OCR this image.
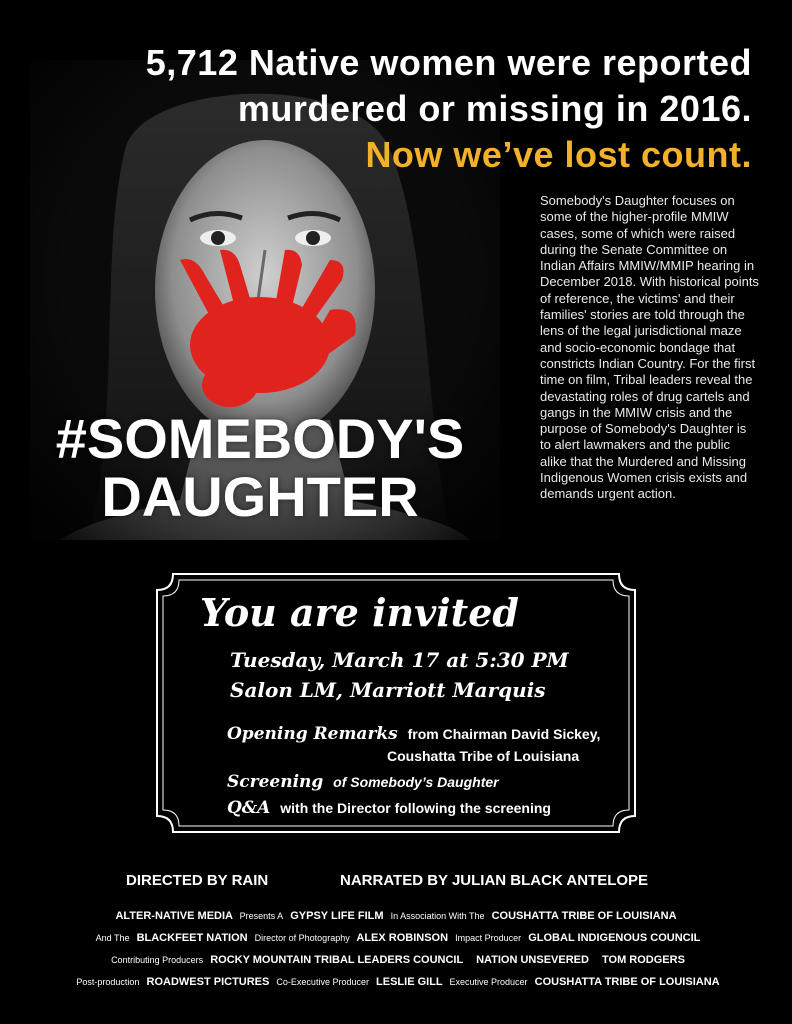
5,712 Native women were reported
murdered or missing in 2016.
Now we’ve lost count.
Somebody's Daughter focuses on some of the higher-profile MMIW cases, some of which were raised during the Senate Committee on Indian Affairs MMIW/MMIP hearing in December 2018. With historical points of reference, the victims' and their families' stories are told through the lens of the legal jurisdictional maze and socio-economic bondage that constricts Indian Country. For the first time on film, Tribal leaders reveal the devastating roles of drug cartels and gangs in the MMIW crisis and the purpose of Somebody's Daughter is to alert lawmakers and the public alike that the Murdered and Missing Indigenous Women crisis exists and demands urgent action.
#SOMEBODY'S
DAUGHTER
You are invited
Tuesday, March 17 at 5:30 PM
Salon LM, Marriott Marquis
Opening Remarks from Chairman David Sickey,
Coushatta Tribe of Louisiana
Screening of Somebody’s Daughter
Q&A with the Director following the screening
DIRECTED BY RAIN	NARRATED BY JULIAN BLACK ANTELOPE
ALTER-NATIVE MEDIA Presents A GYPSY LIFE FILM In Association With The COUSHATTA TRIBE OF LOUISIANA
And The BLACKFEET NATION Director of Photography ALEX ROBINSON Impact Producer GLOBAL INDIGENOUS COUNCIL
Contributing Producers ROCKY MOUNTAIN TRIBAL LEADERS COUNCIL NATION UNSEVERED TOM RODGERS
Post-production ROADWEST PICTURES Co-Executive Producer LESLIE GILL Executive Producer COUSHATTA TRIBE OF LOUISIANA
